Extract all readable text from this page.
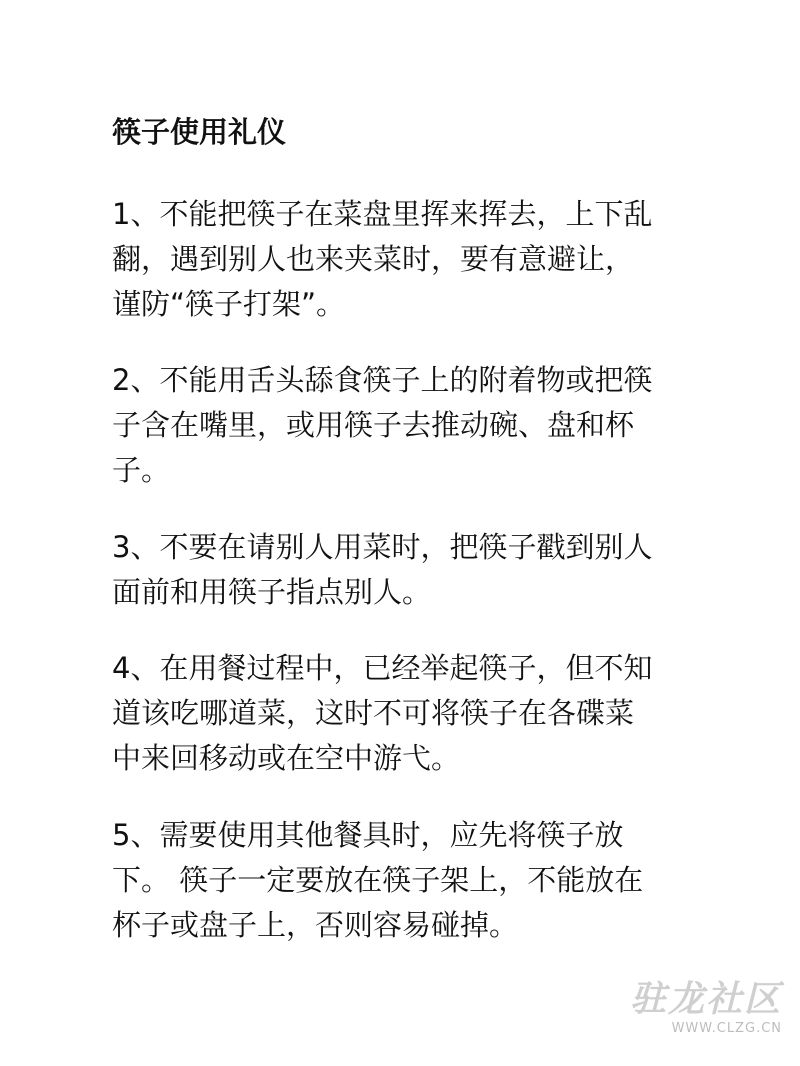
筷子使用礼仪

1、不能把筷子在菜盘里挥来挥去，上下乱
翻，遇到别人也来夹菜时，要有意避让，
谨防“筷子打架”。

2、不能用舌头舔食筷子上的附着物或把筷
子含在嘴里，或用筷子去推动碗、盘和杯
子。

3、不要在请别人用菜时，把筷子戳到别人
面前和用筷子指点别人。

4、在用餐过程中，已经举起筷子，但不知
道该吃哪道菜，这时不可将筷子在各碟菜
中来回移动或在空中游弋。

5、需要使用其他餐具时，应先将筷子放
下。 筷子一定要放在筷子架上，不能放在
杯子或盘子上，否则容易碰掉。

驻龙社区
WWW.CLZG.CN
